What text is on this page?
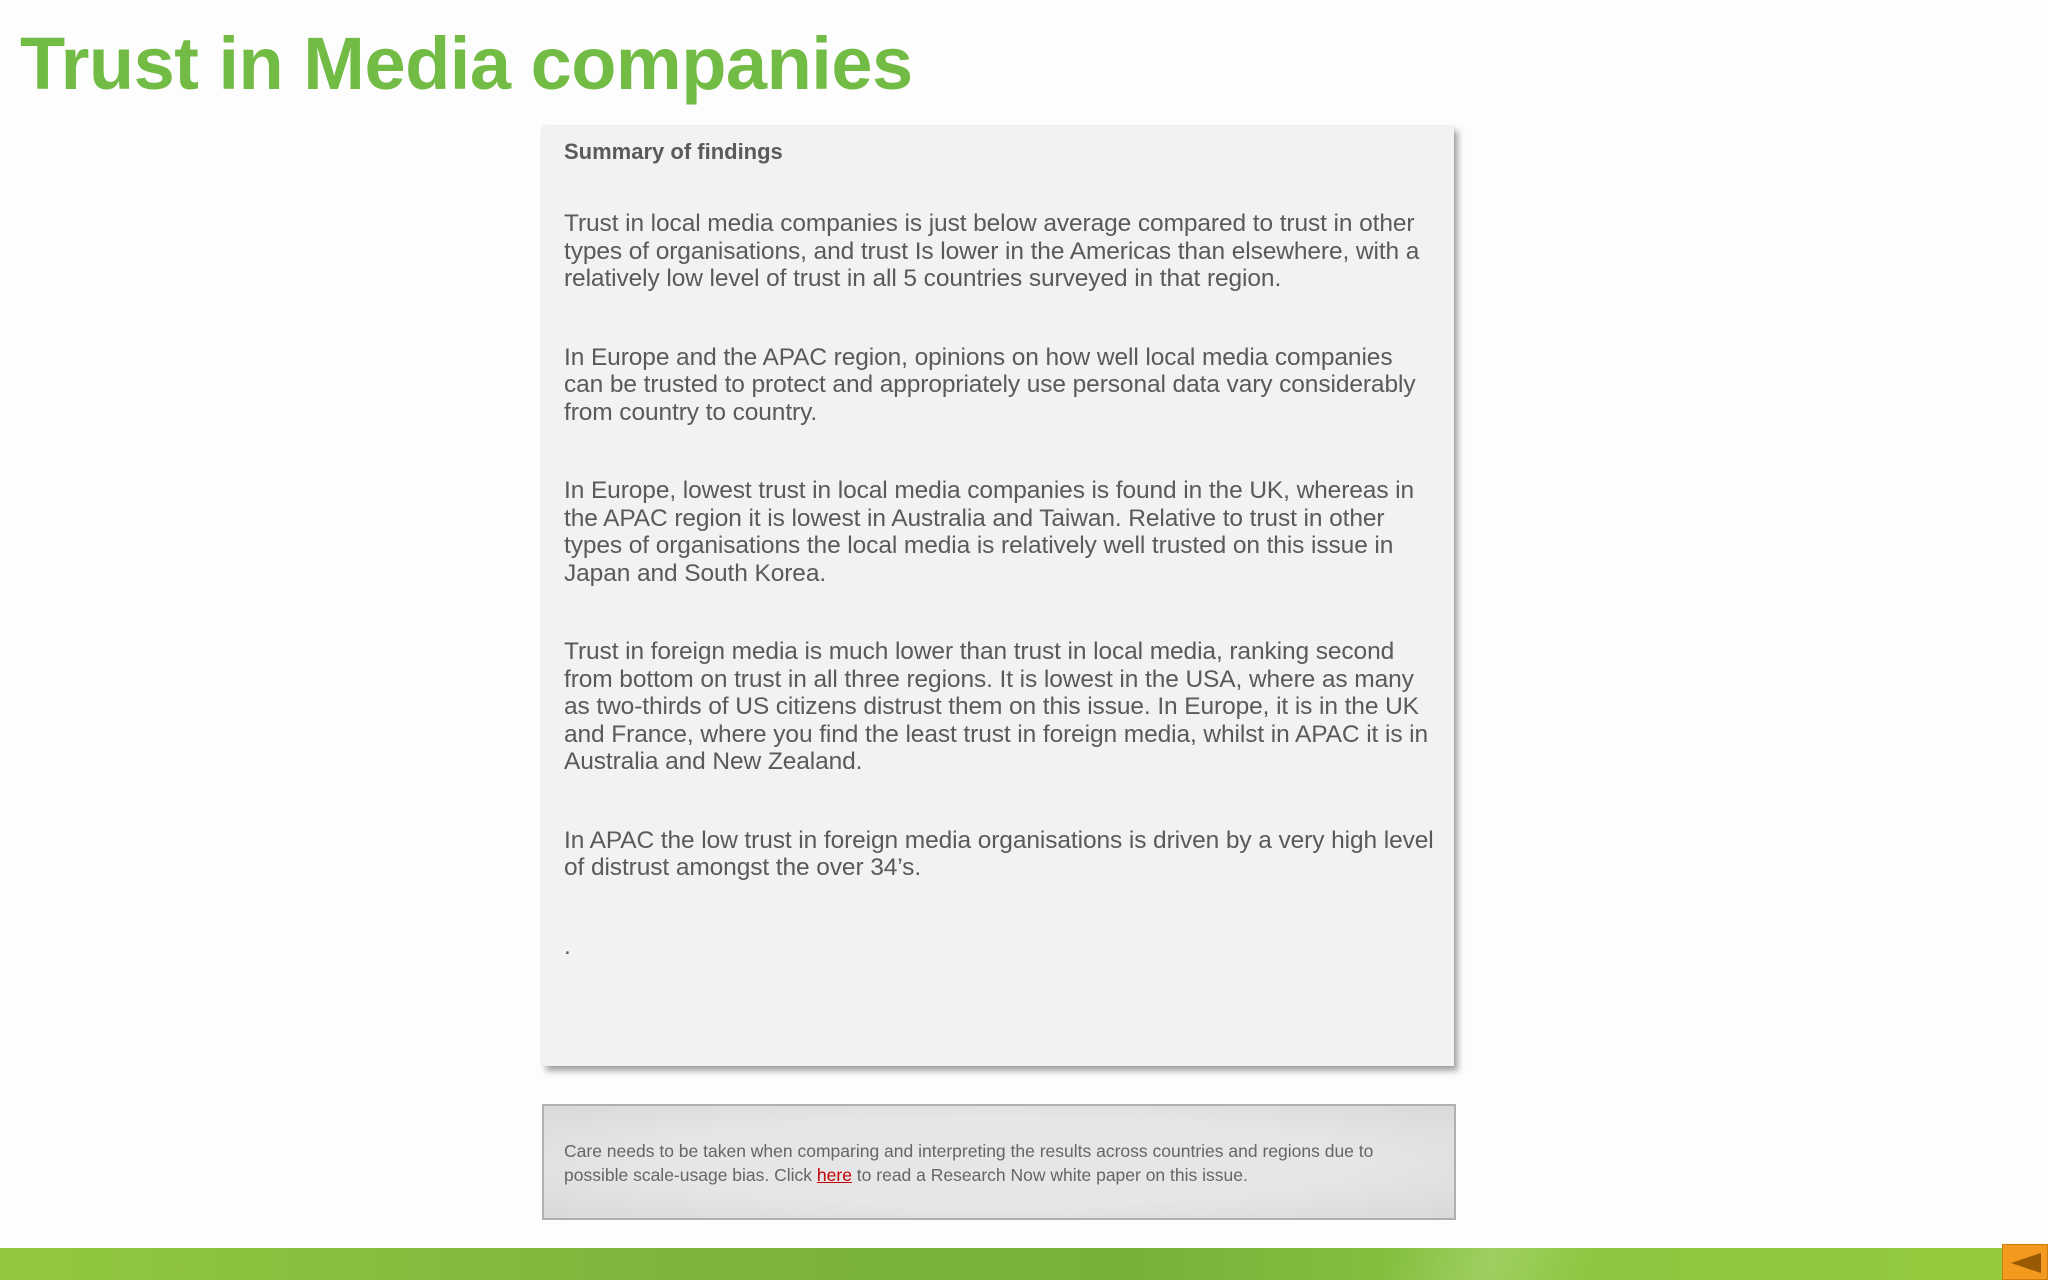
Trust in Media companies
Summary of findings

Trust in local media companies is just below average compared to trust in other types of organisations, and trust Is lower in the Americas than elsewhere, with a relatively low level of trust in all 5 countries surveyed in that region.

In Europe and the APAC region, opinions on how well local media companies can be trusted to protect and appropriately use personal data vary considerably from country to country.

In Europe, lowest trust in local media companies is found in the UK, whereas in the APAC region it is lowest in Australia and Taiwan. Relative to trust in other types of organisations the local media is relatively well trusted on this issue in Japan and South Korea.

Trust in foreign media is much lower than trust in local media, ranking second from bottom on trust in all three regions. It is lowest in the USA, where as many as two-thirds of US citizens distrust them on this issue. In Europe, it is in the UK and France, where you find the least trust in foreign media, whilst in APAC it is in Australia and New Zealand.

In APAC the low trust in foreign media organisations is driven by a very high level of distrust amongst the over 34’s.

.
Care needs to be taken when comparing and interpreting the results across countries and regions due to possible scale-usage bias. Click here to read a Research Now white paper on this issue.
